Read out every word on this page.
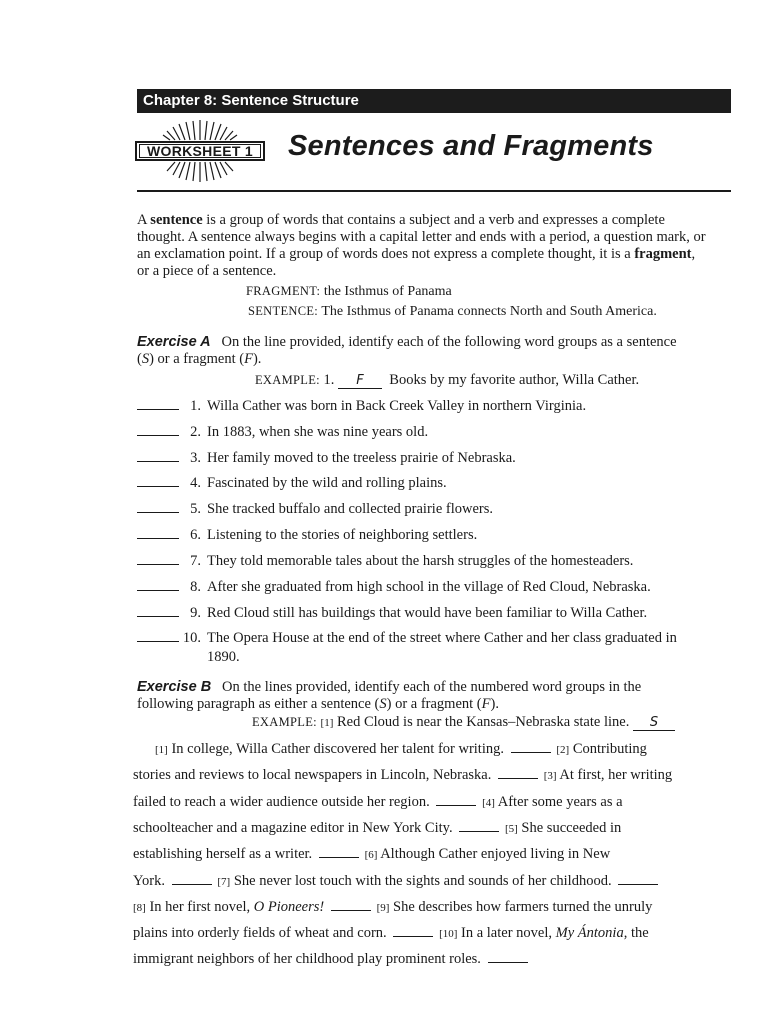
Chapter 8: Sentence Structure
WORKSHEET 1	Sentences and Fragments
A sentence is a group of words that contains a subject and a verb and expresses a complete thought. A sentence always begins with a capital letter and ends with a period, a question mark, or an exclamation point. If a group of words does not express a complete thought, it is a fragment, or a piece of a sentence.
FRAGMENT: the Isthmus of Panama
SENTENCE: The Isthmus of Panama connects North and South America.
Exercise A On the line provided, identify each of the following word groups as a sentence (S) or a fragment (F).
EXAMPLE: 1. F Books by my favorite author, Willa Cather.
1. Willa Cather was born in Back Creek Valley in northern Virginia.
2. In 1883, when she was nine years old.
3. Her family moved to the treeless prairie of Nebraska.
4. Fascinated by the wild and rolling plains.
5. She tracked buffalo and collected prairie flowers.
6. Listening to the stories of neighboring settlers.
7. They told memorable tales about the harsh struggles of the homesteaders.
8. After she graduated from high school in the village of Red Cloud, Nebraska.
9. Red Cloud still has buildings that would have been familiar to Willa Cather.
10. The Opera House at the end of the street where Cather and her class graduated in 1890.
Exercise B On the lines provided, identify each of the numbered word groups in the following paragraph as either a sentence (S) or a fragment (F).
EXAMPLE: [1] Red Cloud is near the Kansas–Nebraska state line. S
[1] In college, Willa Cather discovered her talent for writing.	[2] Contributing
stories and reviews to local newspapers in Lincoln, Nebraska.	[3] At first, her writing
failed to reach a wider audience outside her region.	[4] After some years as a
schoolteacher and a magazine editor in New York City.	[5] She succeeded in
establishing herself as a writer.	[6] Although Cather enjoyed living in New
York.	[7] She never lost touch with the sights and sounds of her childhood.
[8] In her first novel, O Pioneers!	[9] She describes how farmers turned the unruly
plains into orderly fields of wheat and corn.	[10] In a later novel, My Ántonia, the
immigrant neighbors of her childhood play prominent roles.
